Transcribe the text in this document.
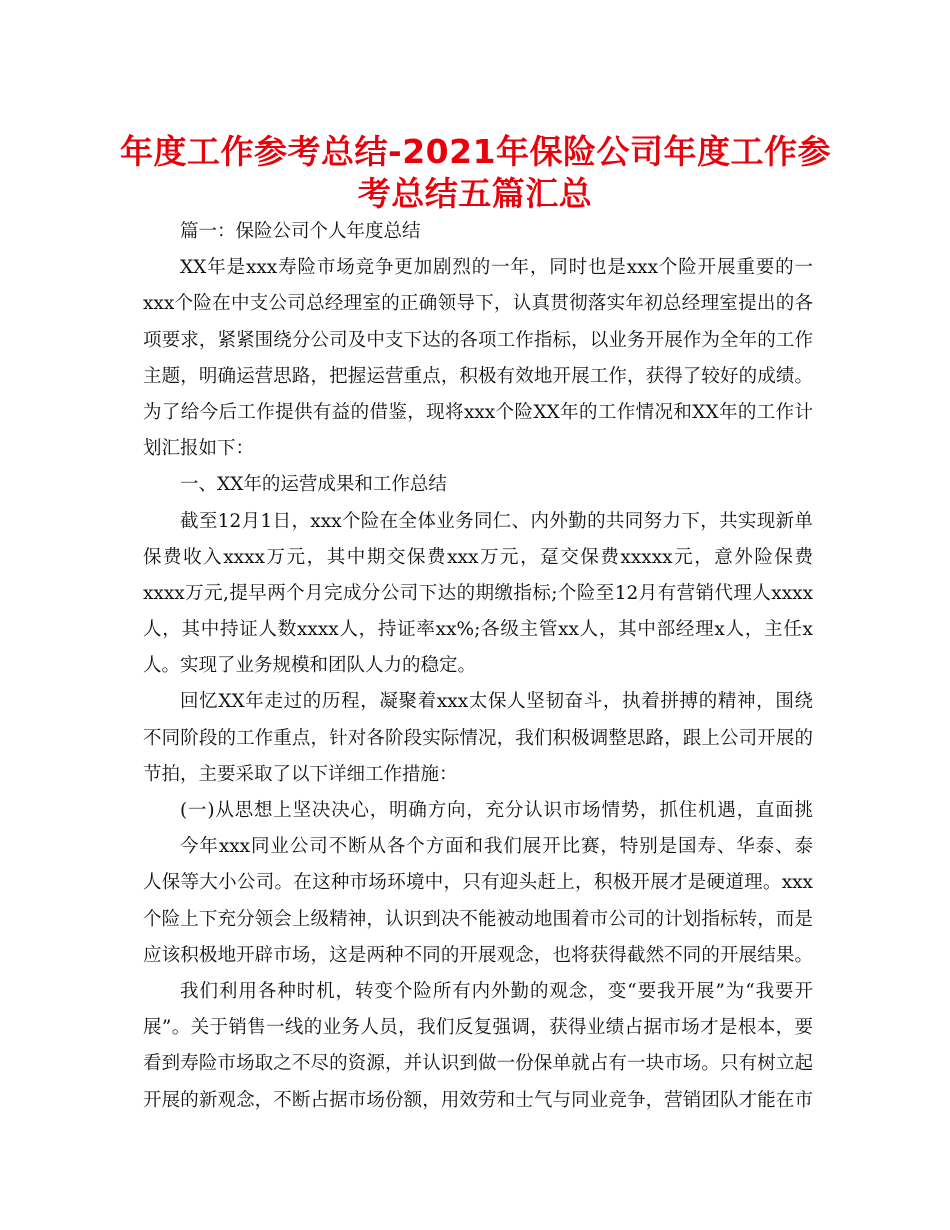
年度工作参考总结-2021年保险公司年度工作参
考总结五篇汇总
篇一：保险公司个人年度总结
XX年是xxx寿险市场竞争更加剧烈的一年，同时也是xxx个险开展重要的一
xxx个险在中支公司总经理室的正确领导下，认真贯彻落实年初总经理室提出的各
项要求，紧紧围绕分公司及中支下达的各项工作指标，以业务开展作为全年的工作
主题，明确运营思路，把握运营重点，积极有效地开展工作，获得了较好的成绩。
为了给今后工作提供有益的借鉴，现将xxx个险XX年的工作情况和XX年的工作计
划汇报如下：
一、XX年的运营成果和工作总结
截至12月1日，xxx个险在全体业务同仁、内外勤的共同努力下，共实现新单
保费收入xxxx万元，其中期交保费xxx万元，趸交保费xxxxx元，意外险保费
xxxx万元,提早两个月完成分公司下达的期缴指标;个险至12月有营销代理人xxxx
人，其中持证人数xxxx人，持证率xx%;各级主管xx人，其中部经理x人，主任x
人。实现了业务规模和团队人力的稳定。
回忆XX年走过的历程，凝聚着xxx太保人坚韧奋斗，执着拼搏的精神，围绕
不同阶段的工作重点，针对各阶段实际情况，我们积极调整思路，跟上公司开展的
节拍，主要采取了以下详细工作措施：
(一)从思想上坚决决心，明确方向，充分认识市场情势，抓住机遇，直面挑
今年xxx同业公司不断从各个方面和我们展开比赛，特别是国寿、华泰、泰
人保等大小公司。在这种市场环境中，只有迎头赶上，积极开展才是硬道理。xxx
个险上下充分领会上级精神，认识到决不能被动地围着市公司的计划指标转，而是
应该积极地开辟市场，这是两种不同的开展观念，也将获得截然不同的开展结果。
我们利用各种时机，转变个险所有内外勤的观念，变“要我开展”为“我要开
展”。关于销售一线的业务人员，我们反复强调，获得业绩占据市场才是根本，要
看到寿险市场取之不尽的资源，并认识到做一份保单就占有一块市场。只有树立起
开展的新观念，不断占据市场份额，用效劳和士气与同业竞争，营销团队才能在市
